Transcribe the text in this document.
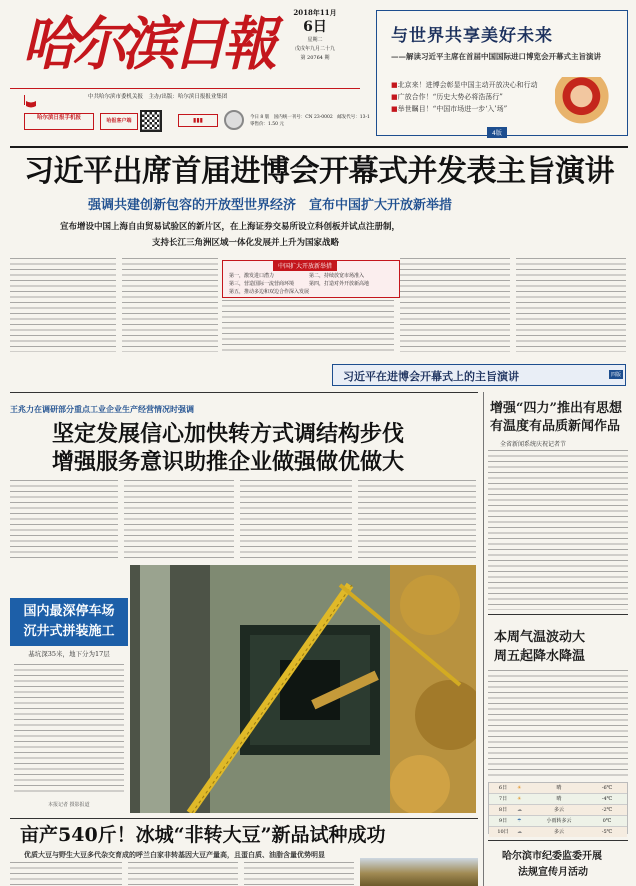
哈尔滨日報	2018年11月
6日
星期二
戊戌年九月二十九
第 20764 期
中共哈尔滨市委机关报　主办/出版：哈尔滨日报报业集团
哈尔滨日报手机报
	哈报客户端	▮▮▮	今日 8 版　国内统一刊号：CN 23-0002　邮发代号：13-1　零售价：1.50 元
与世界共享美好未来
——解读习近平主席在首届中国国际进口博览会开幕式主旨演讲
■北京来！进博会彰显中国主动开放决心和行动
■广放合作！“历史大势必将浩荡行”
■举世瞩目！“中国市场进一步‘入’场”
4版
习近平出席首届进博会开幕式并发表主旨演讲
强调共建创新包容的开放型世界经济　宣布中国扩大开放新举措
宣布增设中国上海自由贸易试验区的新片区，在上海证券交易所设立科创板并试点注册制，
支持长江三角洲区域一体化发展并上升为国家战略
中国扩大开放新举措
第一，激发进口潜力	第二，持续放宽市场准入
第三，营造国际一流营商环境	第四，打造对外开放新高地
第五，推动多边和双边合作深入发展
习近平在进博会开幕式上的主旨演讲	四版
王兆力在调研部分重点工业企业生产经营情况时强调
坚定发展信心加快转方式调结构步伐
增强服务意识助推企业做强做优做大
国内最深停车场
沉井式拼装施工
基坑深35米，地下分为17层
本报记者 摄影报道
亩产540斤！冰城“非转大豆”新品试种成功
优质大豆与野生大豆多代杂交育成的呼兰白家非转基因大豆产量高，且蛋白质、油脂含量优势明显
增强“四力”推出有思想
有温度有品质新闻作品
全省新闻系统庆祝记者节
本周气温波动大
周五起降水降温
6日	☀	晴	-6℃
7日	☀	晴	-4℃
8日	☁	多云	-2℃
9日	☂	小雨转多云	0℃
10日	☁	多云	-5℃
哈尔滨市纪委监委开展
法规宣传月活动
